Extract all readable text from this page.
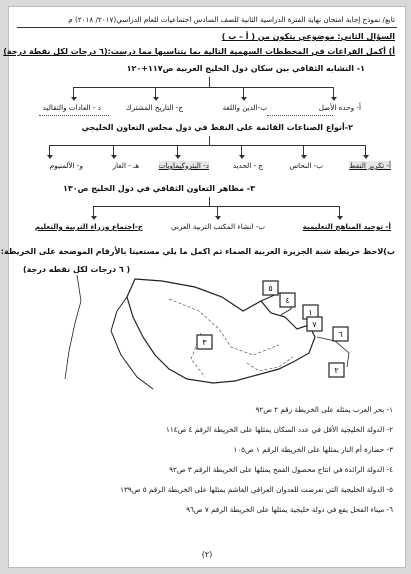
تابع/ نموذج إجابة امتحان نهاية الفترة الدراسية الثانية للصف السادس اجتماعيات للعام الدراسي(٢٠١٧/ ٢٠١٨) م
السؤال الثاني: موضوعي يتكون من ( أ – ب )
أ) أكمل الفراغات في المخططات السهمية التالية بما يتناسبها مما درست:(٦ درجات لكل نقطة درجة)
١- التشابه الثقافي بين سكان دول الخليج العربية ص١١٧+١٢٠
أ- وحده الأصل
ب-الدين واللغة
ج- التاريخ المشترك
د - العادات والتقاليد
٢-أنواع الصناعات القائمة على النفط في دول مجلس التعاون الخليجي
أ- تكرير النفط
ب- النحاس
ج - الحديد
د- البتروكيماويات
هـ - الغاز
و- الألمنيوم
٣- مظاهر التعاون الثقافي في دول الخليج ص١٣٠
أ- توحيد المناهج التعليمية
ب- انشاء المكتب التربية العربي
ج-اجتماع وزراء التربية والتعليم
ب)لاحظ خريطة شبة الجزيرة العربية الصماء ثم اكمل ما يلي مستعينا بالأرقام الموضحة على الخريطة:
( ٦ درجات لكل نقطه درجة)
٥
٤
١
٧
٦
٣
٢
١- بحر العرب يمثله على الخريطة رقم ٢ ص٩٢
٢- الدولة الخليجية الأقل في عدد السكان يمثلها على الخريطة الرقم ٤ ص١١٤
٣- حضارة أم النار يمثلها على الخريطة الرقم ١ ص١٠٥
٤- الدولة الرائدة في انتاج محصول القمح يمثلها على الخريطة الرقم ٣ ص٩٢
٥- الدولة الخليجية التي تعرضت للعدوان العراقي الغاشم يمثلها على الخريطة الرقم ٥ ص١٣٩
٦- ميناء الفحل يقع في دولة خليجية يمثلها على الخريطة الرقم ٧ ص٩٦
(٢)
